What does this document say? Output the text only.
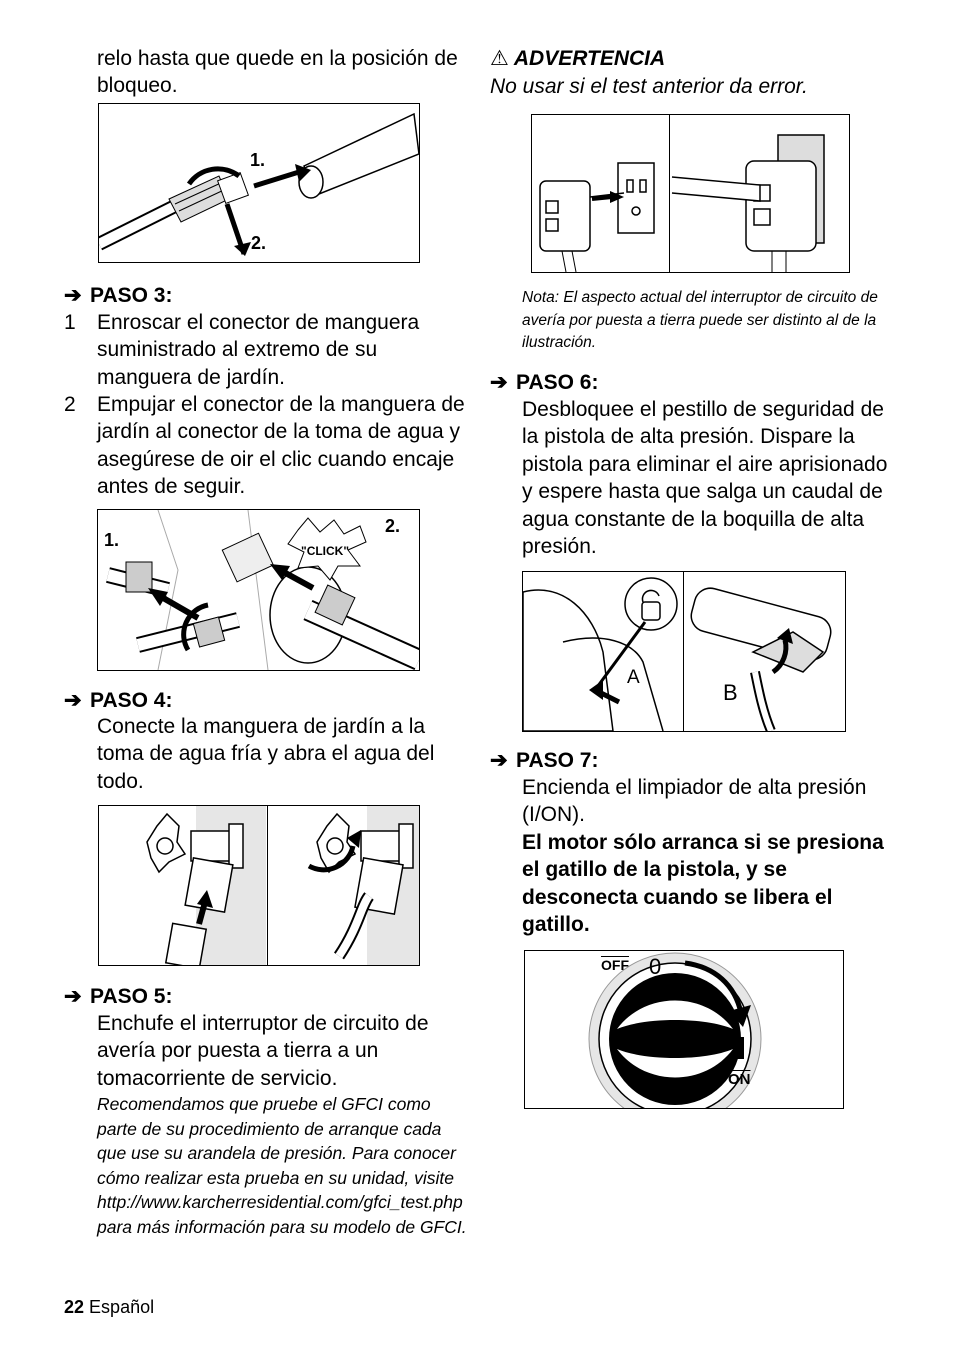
relo hasta que quede en la posición de bloqueo.

1.
2.
➔ PASO 3:
1 Enroscar el conector de manguera suministrado al extremo de su manguera de jardín.

2 Empujar el conector de la manguera de jardín al conector de la toma de agua y asegúrese de oir el clic cuando encaje antes de seguir.

1.
2.
"CLICK"
➔ PASO 4:

Conecte la manguera de jardín a la toma de agua fría y abra el agua del todo.

➔ PASO 5:

Enchufe el interruptor de circuito de avería por puesta a tierra a un tomacorriente de servicio.

Recomendamos que pruebe el GFCI como parte de su procedimiento de arranque cada que use su arandela de presión. Para conocer cómo realizar esta prueba en su unidad, visite http://www.karcherresidential.com/gfci_test.php para más información para su modelo de GFCI.

⚠ ADVERTENCIA

No usar si el test anterior da error.

Nota: El aspecto actual del interruptor de circuito de avería por puesta a tierra puede ser distinto al de la ilustración.

➔ PASO 6:

Desbloquee el pestillo de seguridad de la pistola de alta presión. Dispare la pistola para eliminar el aire aprisionado y espere hasta que salga un caudal de agua constante de la boquilla de alta presión.

A
B
➔ PASO 7:

Encienda el limpiador de alta presión (I/ON).

El motor sólo arranca si se presiona el gatillo de la pistola, y se desconecta cuando se libera el gatillo.

$\overline{OFF}$ 0
$\overline{ON}$
22 Español
